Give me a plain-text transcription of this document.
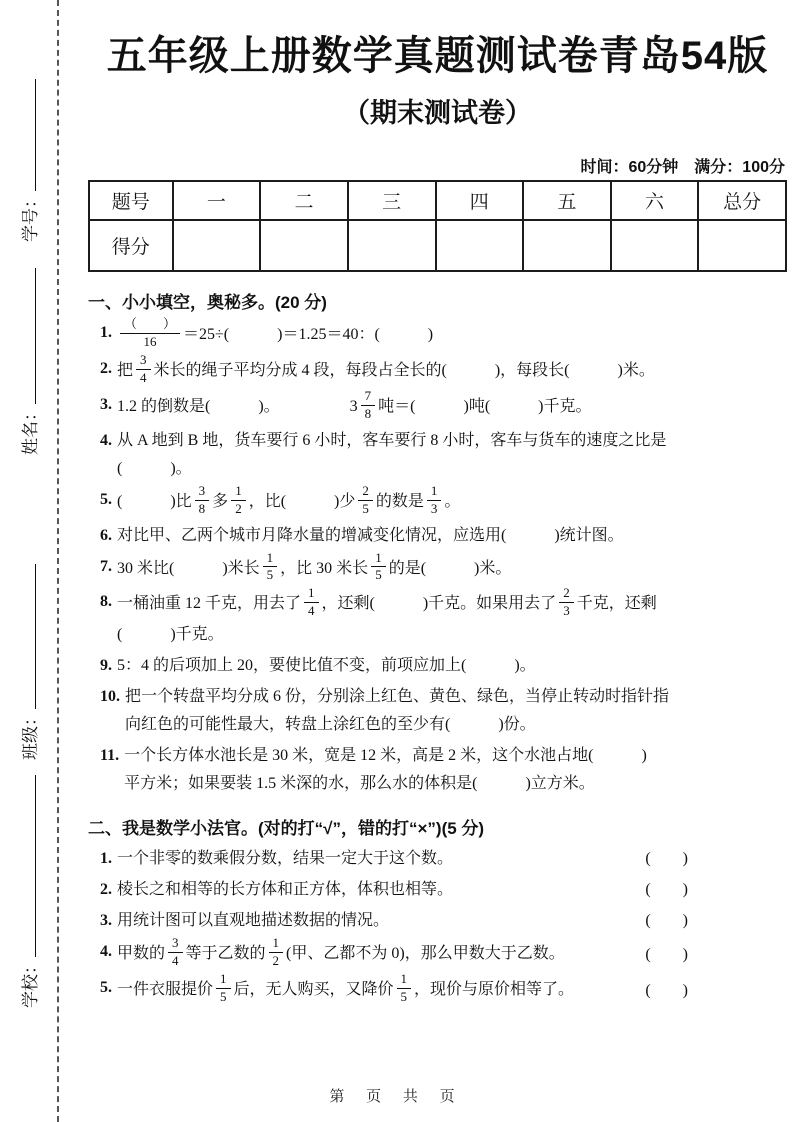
学号：
姓名：
班级：
学校：
五年级上册数学真题测试卷青岛54版
（期末测试卷）
时间：60分钟　满分：100分
题号	一	二	三	四	五	六	总分
得分							
一、小小填空，奥秘多。(20 分)
1. $\frac{( )}{16} =25\div$(　　　)＝1.25＝40：(　　　)
2. 把 $\frac{3}{4}$ 米长的绳子平均分成 4 段，每段占全长的(　　　)，每段长(　　　)米。
3. 1.2 的倒数是(　　　)。	$3 \frac{7}{8}$ 吨＝(　　　)吨(　　　)千克。
4. 从 A 地到 B 地，货车要行 6 小时，客车要行 8 小时，客车与货车的速度之比是
(　　　)。
5. (　　　)比 $\frac{3}{8}$ 多 $\frac{1}{2}$ ，比(　　　)少 $\frac{2}{5}$ 的数是 $\frac{1}{3}$ 。
6. 对比甲、乙两个城市月降水量的增减变化情况，应选用(　　　)统计图。
7. 30 米比(　　　)米长 $\frac{1}{5}$ ，比 30 米长 $\frac{1}{5}$ 的是(　　　)米。
8. 一桶油重 12 千克，用去了 $\frac{1}{4}$ ，还剩(　　　)千克。如果用去了 $\frac{2}{3}$ 千克，还剩
(　　　)千克。
9. 5：4 的后项加上 20，要使比值不变，前项应加上(　　　)。
10. 把一个转盘平均分成 6 份，分别涂上红色、黄色、绿色，当停止转动时指针指
向红色的可能性最大，转盘上涂红色的至少有(　　　)份。
11. 一个长方体水池长是 30 米，宽是 12 米，高是 2 米，这个水池占地(　　　)
平方米；如果要装 1.5 米深的水，那么水的体积是(　　　)立方米。
二、我是数学小法官。(对的打“√”，错的打“×”)(5 分)
1. 一个非零的数乘假分数，结果一定大于这个数。	(　　)
2. 棱长之和相等的长方体和正方体，体积也相等。	(　　)
3. 用统计图可以直观地描述数据的情况。	(　　)
4. 甲数的 $\frac{3}{4}$ 等于乙数的 $\frac{1}{2}$ (甲、乙都不为 0)，那么甲数大于乙数。	(　　)
5. 一件衣服提价 $\frac{1}{5}$ 后，无人购买，又降价 $\frac{1}{5}$ ，现价与原价相等了。	(　　)
第 页 共 页
